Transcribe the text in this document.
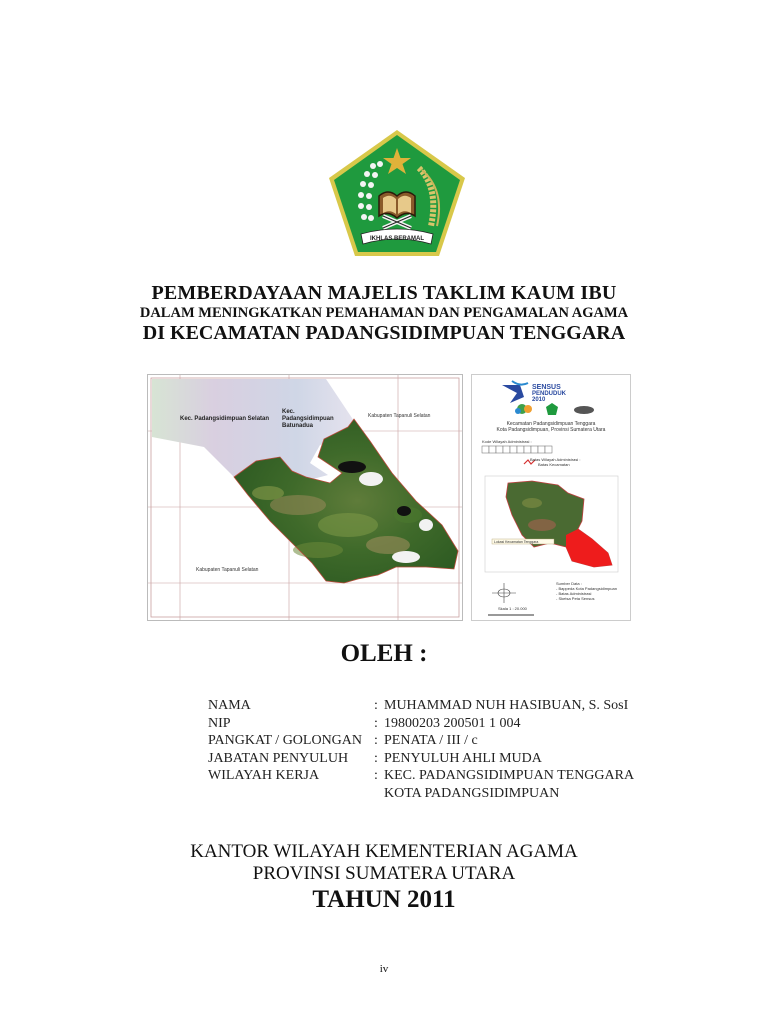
IKHLAS BERAMAL
PEMBERDAYAAN MAJELIS TAKLIM KAUM IBU
DALAM MENINGKATKAN PEMAHAMAN DAN PENGAMALAN AGAMA
DI KECAMATAN PADANGSIDIMPUAN TENGGARA
Kec. Padangsidimpuan Selatan
Kec. Padangsidimpuan Batunadua
Kabupaten Tapanuli Selatan
Kabupaten Tapanuli Selatan
SENSUS
PENDUDUK
2010
Kecamatan Padangsidimpuan Tenggara
Kota Padangsidimpuan, Provinsi Sumatera Utara
Kode Wilayah Administrasi :
Batas Wilayah Administrasi :
Batas Kecamatan
Lokasi Kecamatan Tenggara
Sumber Data :
- Bappeda Kota Padangsidimpuan
- Batas Administrasi
- Sketsa Peta Sensus
Skala 1 : 20.000
OLEH :
NAMA	: MUHAMMAD NUH HASIBUAN, S. SosI
NIP	: 19800203 200501 1 004
PANGKAT / GOLONGAN : PENATA / III / c
JABATAN PENYULUH	: PENYULUH AHLI MUDA
WILAYAH KERJA	: KEC. PADANGSIDIMPUAN TENGGARA
KOTA PADANGSIDIMPUAN
KANTOR WILAYAH KEMENTERIAN AGAMA
PROVINSI SUMATERA UTARA
TAHUN 2011
iv
